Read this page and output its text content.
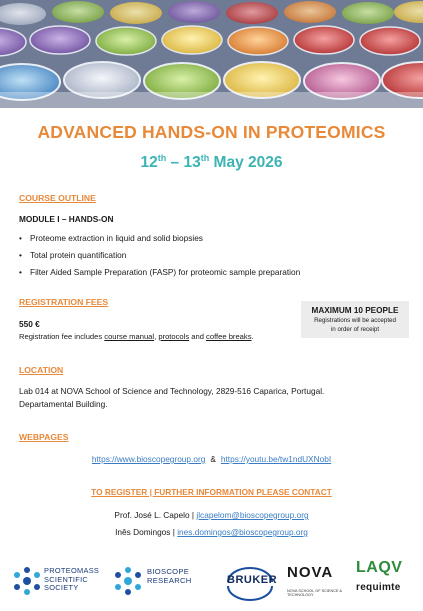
ADVANCED HANDS-ON IN PROTEOMICS
12th – 13th May 2026
COURSE OUTLINE
MODULE I – HANDS-ON
• Proteome extraction in liquid and solid biopsies
• Total protein quantification
• Filter Aided Sample Preparation (FASP) for proteomic sample preparation
REGISTRATION FEES
550 €
Registration fee includes course manual, protocols and coffee breaks.
MAXIMUM 10 PEOPLE
Registrations will be accepted
in order of receipt
LOCATION
Lab 014 at NOVA School of Science and Technology, 2829-516 Caparica, Portugal.
Departamental Building.
WEBPAGES
https://www.bioscopegroup.org & https://youtu.be/tw1ndUXNobI
TO REGISTER | FURTHER INFORMATION PLEASE CONTACT
Prof. José L. Capelo | jlcapelom@bioscopegroup.org
Inês Domingos | ines.domingos@bioscopegroup.org
PROTEOMASS
SCIENTIFIC
SOCIETY
BIOSCOPE
RESEARCH	BRUKER NOVA
NOVA SCHOOL OF SCIENCE & TECHNOLOGY
LAQV
requimte
